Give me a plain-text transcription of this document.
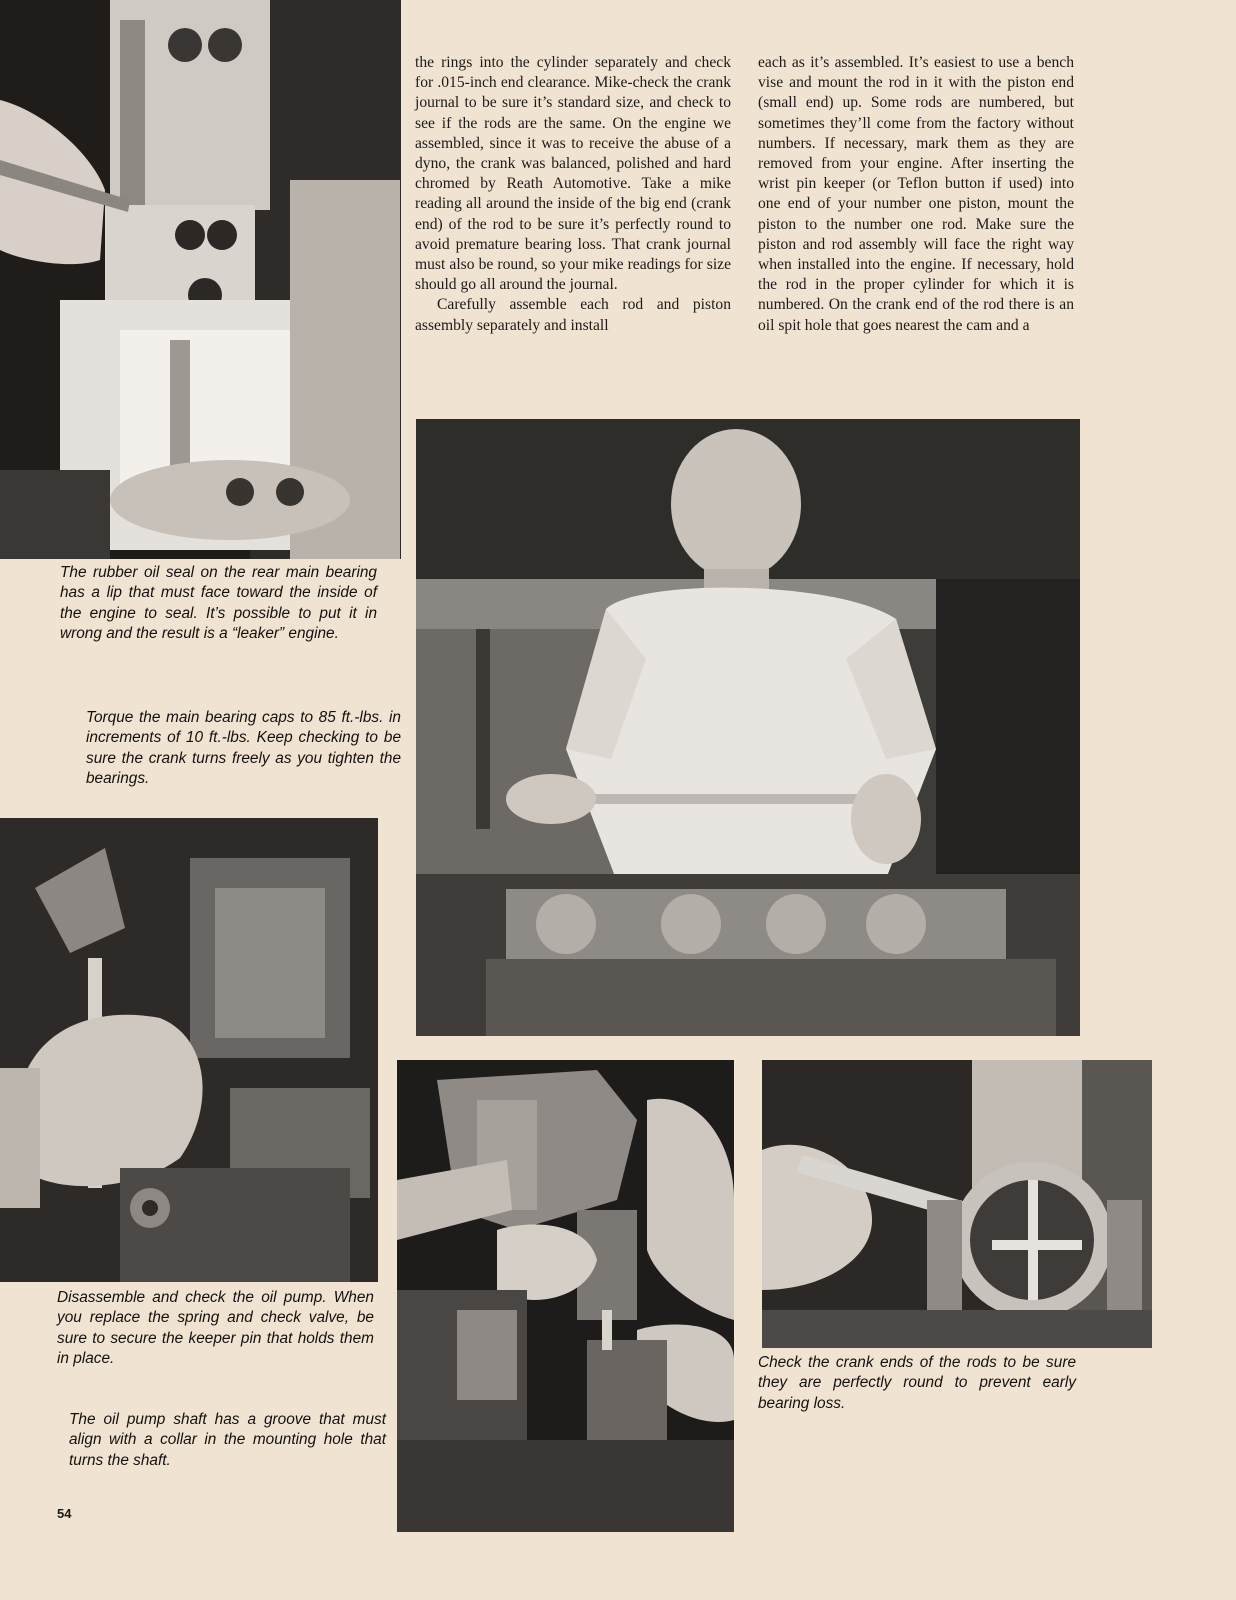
the rings into the cylinder separately and check for .015-inch end clearance. Mike-check the crank journal to be sure it’s standard size, and check to see if the rods are the same. On the engine we assembled, since it was to receive the abuse of a dyno, the crank was balanced, polished and hard chromed by Reath Automotive. Take a mike reading all around the inside of the big end (crank end) of the rod to be sure it’s perfectly round to avoid premature bearing loss. That crank journal must also be round, so your mike readings for size should go all around the journal.

Carefully assemble each rod and piston assembly separately and install

each as it’s assembled. It’s easiest to use a bench vise and mount the rod in it with the piston end (small end) up. Some rods are numbered, but sometimes they’ll come from the factory without numbers. If necessary, mark them as they are removed from your engine. After inserting the wrist pin keeper (or Teflon button if used) into one end of your number one piston, mount the piston to the number one rod. Make sure the piston and rod assembly will face the right way when installed into the engine. If necessary, hold the rod in the proper cylinder for which it is numbered. On the crank end of the rod there is an oil spit hole that goes nearest the cam and a

The rubber oil seal on the rear main bearing has a lip that must face toward the inside of the engine to seal. It’s possible to put it in wrong and the result is a “leaker” engine.
Torque the main bearing caps to 85 ft.-lbs. in increments of 10 ft.-lbs. Keep checking to be sure the crank turns freely as you tighten the bearings.
Disassemble and check the oil pump. When you replace the spring and check valve, be sure to secure the keeper pin that holds them in place.
The oil pump shaft has a groove that must align with a collar in the mounting hole that turns the shaft.
Check the crank ends of the rods to be sure they are perfectly round to prevent early bearing loss.
54
